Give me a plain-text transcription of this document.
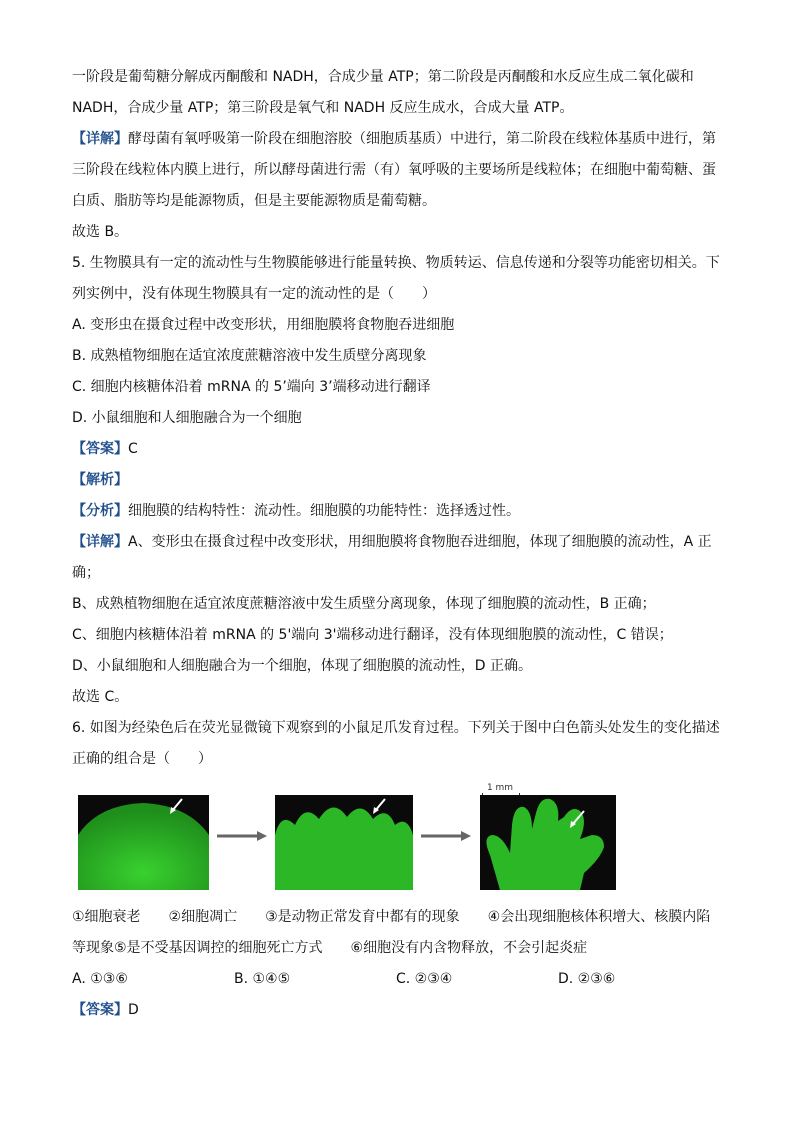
一阶段是葡萄糖分解成丙酮酸和 NADH，合成少量 ATP；第二阶段是丙酮酸和水反应生成二氧化碳和

NADH，合成少量 ATP；第三阶段是氧气和 NADH 反应生成水，合成大量 ATP。

【详解】酵母菌有氧呼吸第一阶段在细胞溶胶（细胞质基质）中进行，第二阶段在线粒体基质中进行，第

三阶段在线粒体内膜上进行，所以酵母菌进行需（有）氧呼吸的主要场所是线粒体；在细胞中葡萄糖、蛋

白质、脂肪等均是能源物质，但是主要能源物质是葡萄糖。

故选 B。

5. 生物膜具有一定的流动性与生物膜能够进行能量转换、物质转运、信息传递和分裂等功能密切相关。下

列实例中，没有体现生物膜具有一定的流动性的是（　　）

A. 变形虫在摄食过程中改变形状，用细胞膜将食物胞吞进细胞

B. 成熟植物细胞在适宜浓度蔗糖溶液中发生质壁分离现象

C. 细胞内核糖体沿着 mRNA 的 5’端向 3’端移动进行翻译

D. 小鼠细胞和人细胞融合为一个细胞

【答案】C

【解析】

【分析】细胞膜的结构特性：流动性。细胞膜的功能特性：选择透过性。

【详解】A、变形虫在摄食过程中改变形状，用细胞膜将食物胞吞进细胞，体现了细胞膜的流动性，A 正

确；

B、成熟植物细胞在适宜浓度蔗糖溶液中发生质壁分离现象，体现了细胞膜的流动性，B 正确；

C、细胞内核糖体沿着 mRNA 的 5'端向 3'端移动进行翻译，没有体现细胞膜的流动性，C 错误；

D、小鼠细胞和人细胞融合为一个细胞，体现了细胞膜的流动性，D 正确。

故选 C。

6. 如图为经染色后在荧光显微镜下观察到的小鼠足爪发育过程。下列关于图中白色箭头处发生的变化描述

正确的组合是（　　）

1 mm

①细胞衰老　　②细胞凋亡　　③是动物正常发育中都有的现象　　④会出现细胞核体积增大、核膜内陷

等现象⑤是不受基因调控的细胞死亡方式　　⑥细胞没有内含物释放，不会引起炎症

A. ①③⑥	B. ①④⑤	C. ②③④	D. ②③⑥

【答案】D
